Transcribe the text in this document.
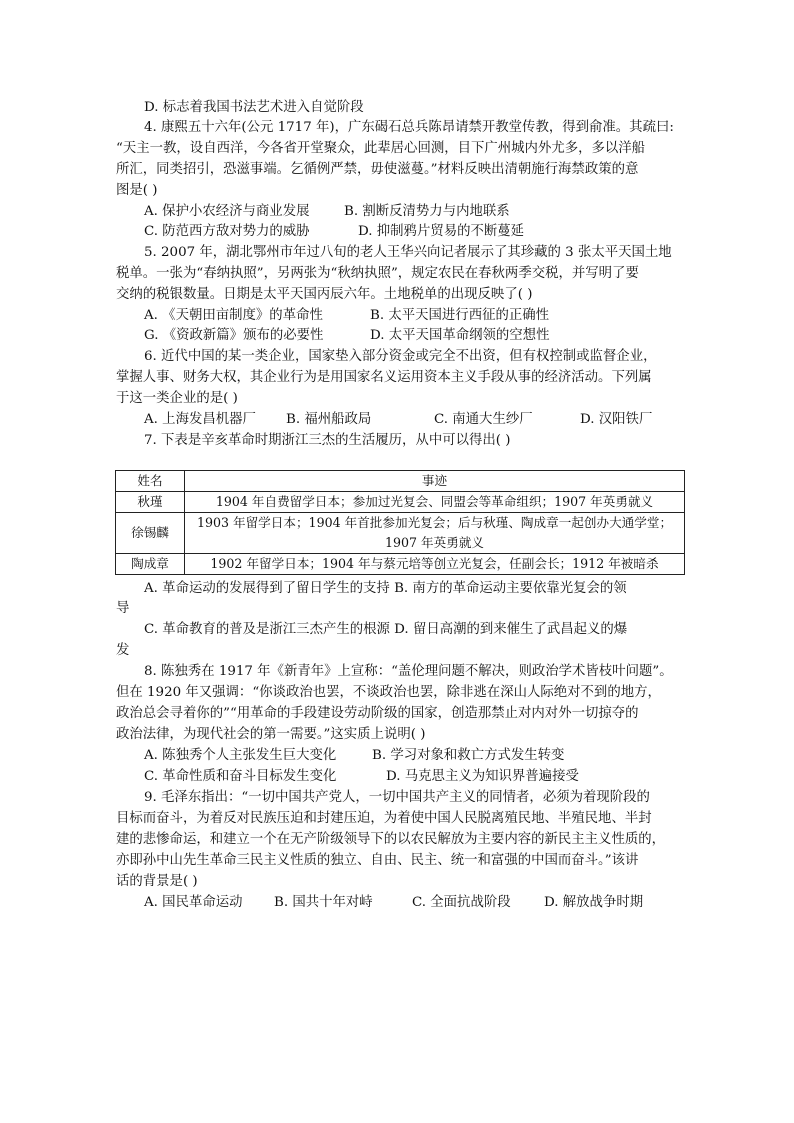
D. 标志着我国书法艺术进入自觉阶段
4. 康熙五十六年(公元 1717 年)，广东碣石总兵陈昂请禁开教堂传教，得到俞准。其疏曰:
“天主一教，设自西洋，今各省开堂聚众，此辈居心回测，目下广州城内外尤多，多以洋船
所汇，同类招引，恐滋事端。乞循例严禁，毋使滋蔓。”材料反映出清朝施行海禁政策的意
图是( )
A. 保护小农经济与商业发展	B. 割断反清势力与内地联系
C. 防范西方敌对势力的威胁	D. 抑制鸦片贸易的不断蔓延
5. 2007 年，湖北鄂州市年过八旬的老人王华兴向记者展示了其珍藏的 3 张太平天国土地
税单。一张为“春纳执照”，另两张为“秋纳执照”，规定农民在春秋两季交税，并写明了要
交纳的税银数量。日期是太平天国丙辰六年。土地税单的出现反映了( )
A. 《天朝田亩制度》的革命性	B. 太平天国进行西征的正确性
G. 《资政新篇》颁布的必要性	D. 太平天国革命纲领的空想性
6. 近代中国的某一类企业，国家垫入部分资金或完全不出资，但有权控制或监督企业，
掌握人事、财务大权，其企业行为是用国家名义运用资本主义手段从事的经济活动。下列属
于这一类企业的是( )
A. 上海发昌机器厂 B. 福州船政局	C. 南通大生纱厂	D. 汉阳铁厂
7. 下表是辛亥革命时期浙江三杰的生活履历，从中可以得出( )
姓名	事迹
秋瑾	1904 年自费留学日本；参加过光复会、同盟会等革命组织；1907 年英勇就义
徐锡麟	1903 年留学日本；1904 年首批参加光复会；后与秋瑾、陶成章一起创办大通学堂；
1907 年英勇就义

陶成章	1902 年留学日本；1904 年与蔡元培等创立光复会，任副会长；1912 年被暗杀
A. 革命运动的发展得到了留日学生的支持 B. 南方的革命运动主要依靠光复会的领
导
C. 革命教育的普及是浙江三杰产生的根源 D. 留日高潮的到来催生了武昌起义的爆
发
8. 陈独秀在 1917 年《新青年》上宣称：“盖伦理问题不解决，则政治学术皆枝叶问题”。
但在 1920 年又强调：“你谈政治也罢，不谈政治也罢，除非逃在深山人际绝对不到的地方，
政治总会寻着你的”“用革命的手段建设劳动阶级的国家，创造那禁止对内对外一切掠夺的
政治法律，为现代社会的第一需要。”这实质上说明( )
A. 陈独秀个人主张发生巨大变化	B. 学习对象和救亡方式发生转变
C. 革命性质和奋斗目标发生变化	D. 马克思主义为知识界普遍接受
9. 毛泽东指出：“一切中国共产党人，一切中国共产主义的同情者，必须为着现阶段的
目标而奋斗，为着反对民族压迫和封建压迫，为着使中国人民脱离殖民地、半殖民地、半封
建的悲惨命运，和建立一个在无产阶级领导下的以农民解放为主要内容的新民主主义性质的，
亦即孙中山先生革命三民主义性质的独立、自由、民主、统一和富强的中国而奋斗。”该讲
话的背景是( )
A. 国民革命运动 B. 国共十年对峙	C. 全面抗战阶段 D. 解放战争时期
